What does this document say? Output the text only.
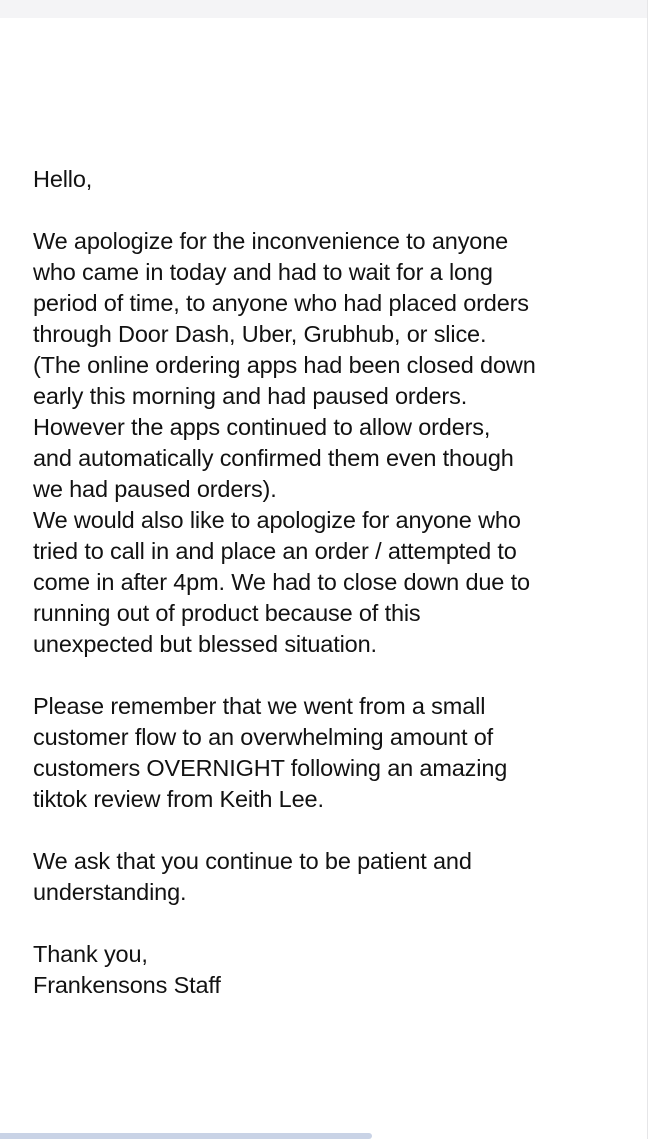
Hello,
We apologize for the inconvenience to anyone
who came in today and had to wait for a long
period of time, to anyone who had placed orders
through Door Dash, Uber, Grubhub, or slice.
(The online ordering apps had been closed down
early this morning and had paused orders.
However the apps continued to allow orders,
and automatically confirmed them even though
we had paused orders).
We would also like to apologize for anyone who
tried to call in and place an order / attempted to
come in after 4pm. We had to close down due to
running out of product because of this
unexpected but blessed situation.
Please remember that we went from a small
customer flow to an overwhelming amount of
customers OVERNIGHT following an amazing
tiktok review from Keith Lee.
We ask that you continue to be patient and
understanding.
Thank you,
Frankensons Staff
